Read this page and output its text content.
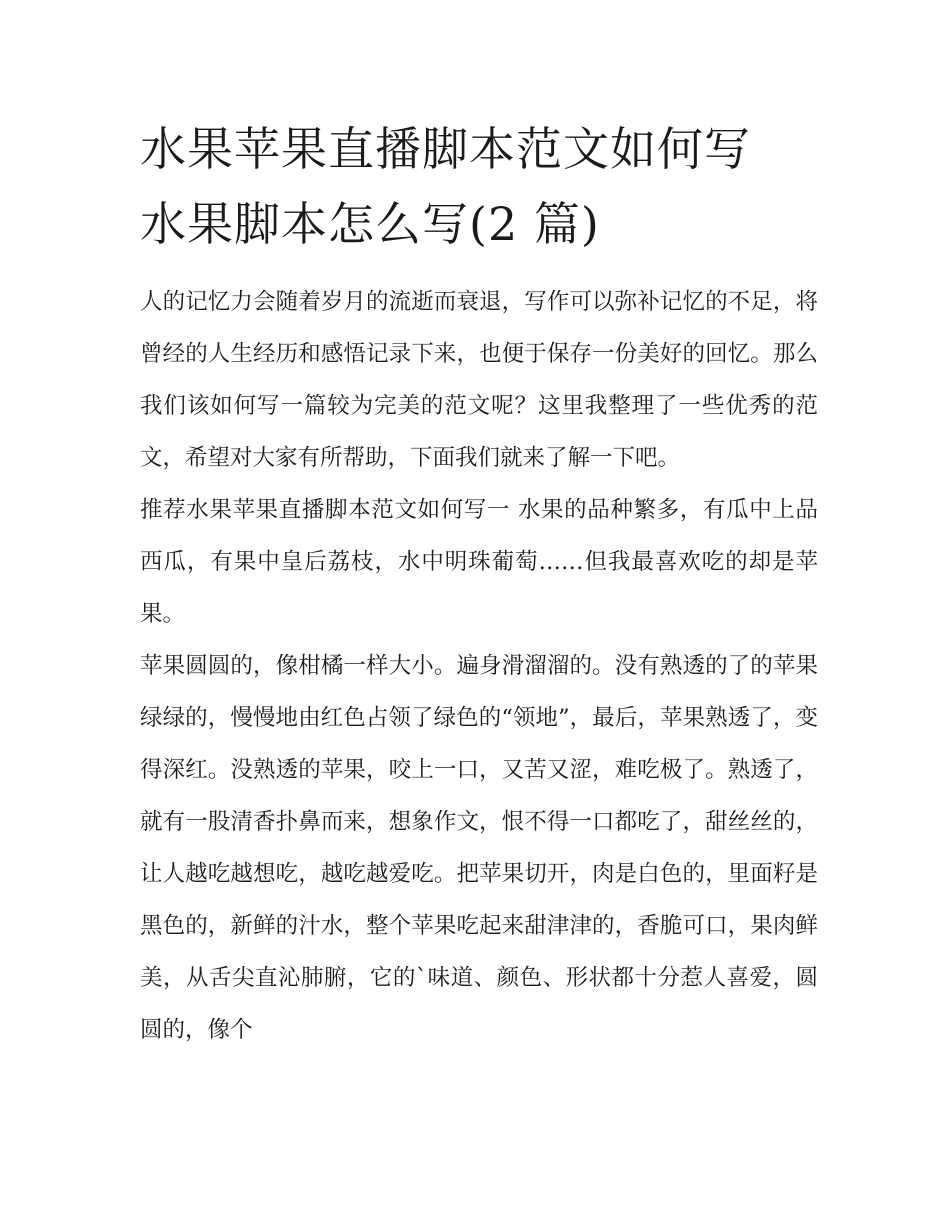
水果苹果直播脚本范文如何写
水果脚本怎么写(2 篇)

人的记忆力会随着岁月的流逝而衰退，写作可以弥补记忆的不足，将曾经的人生经历和感悟记录下来，也便于保存一份美好的回忆。那么我们该如何写一篇较为完美的范文呢？这里我整理了一些优秀的范文，希望对大家有所帮助，下面我们就来了解一下吧。

推荐水果苹果直播脚本范文如何写一 水果的品种繁多，有瓜中上品西瓜，有果中皇后荔枝，水中明珠葡萄……但我最喜欢吃的却是苹果。

苹果圆圆的，像柑橘一样大小。遍身滑溜溜的。没有熟透的了的苹果绿绿的，慢慢地由红色占领了绿色的“领地”，最后，苹果熟透了，变得深红。没熟透的苹果，咬上一口，又苦又涩，难吃极了。熟透了，就有一股清香扑鼻而来，想象作文，恨不得一口都吃了，甜丝丝的，让人越吃越想吃，越吃越爱吃。把苹果切开，肉是白色的，里面籽是黑色的，新鲜的汁水，整个苹果吃起来甜津津的，香脆可口，果肉鲜美，从舌尖直沁肺腑，它的`味道、颜色、形状都十分惹人喜爱，圆圆的，像个
